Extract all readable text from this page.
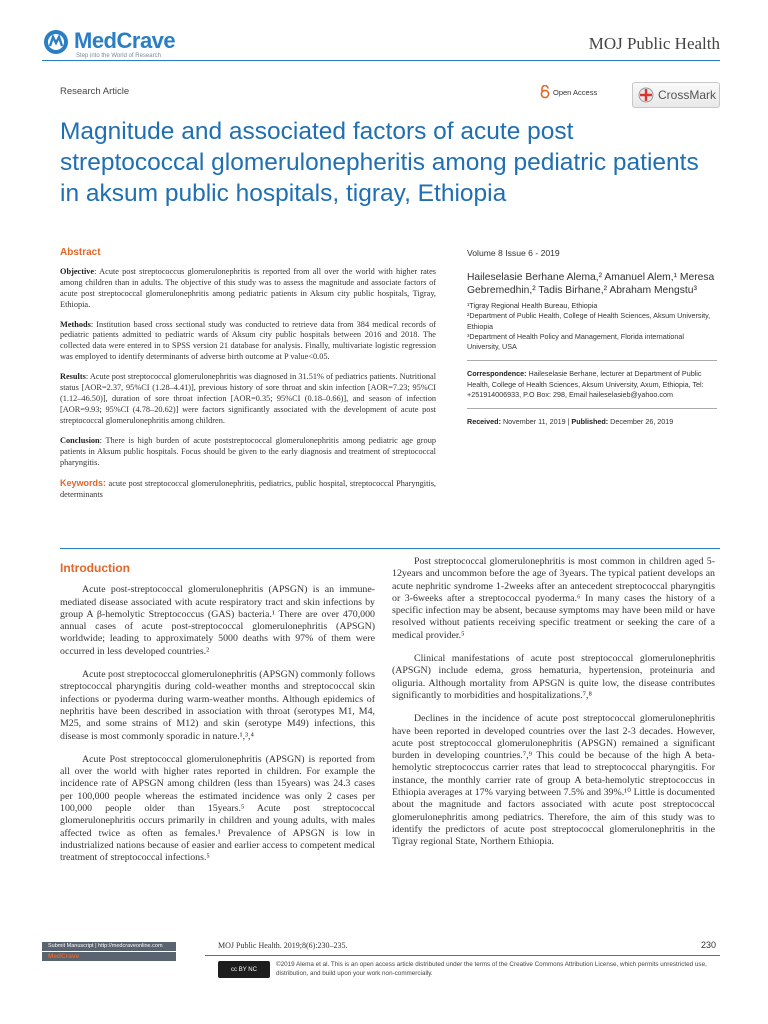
MedCrave
Step into the World of Research
MOJ Public Health
Research Article	Open Access	CrossMark
Magnitude and associated factors of acute post streptococcal glomerulonepheritis among pediatric patients in aksum public hospitals, tigray, Ethiopia
Abstract

Objective: Acute post streptococcus glomerulonephritis is reported from all over the world with higher rates among children than in adults. The objective of this study was to assess the magnitude and associate factors of acute post streptococcal glomerulonephritis among pediatric patients in Aksum city public hospitals, Tigray, Ethiopia.

Methods: Institution based cross sectional study was conducted to retrieve data from 384 medical records of pediatric patients admitted to pediatric wards of Aksum city public hospitals between 2016 and 2018. The collected data were entered in to SPSS version 21 database for analysis. Finally, multivariate logistic regression was employed to identify determinants of adverse birth outcome at P value<0.05.

Results: Acute post streptococcal glomerulonephritis was diagnosed in 31.51% of pediatrics patients. Nutritional status [AOR=2.37, 95%CI (1.28–4.41)], previous history of sore throat and skin infection [AOR=7.23; 95%CI (1.12–46.50)], duration of sore throat infection [AOR=0.35; 95%CI (0.18–0.66)], and season of infection [AOR=9.93; 95%CI (4.78–20.62)] were factors significantly associated with the development of acute post streptococcal glomerulonephritis among children.

Conclusion: There is high burden of acute poststreptococcal glomerulonephritis among pediatric age group patients in Aksum public hospitals. Focus should be given to the early diagnosis and treatment of streptococcal pharyngitis.

Keywords: acute post streptococcal glomerulonephritis, pediatrics, public hospital, streptococcal Pharyngitis, determinants
Volume 8 Issue 6 - 2019
Haileselasie Berhane Alema,² Amanuel Alem,¹ Meresa Gebremedhin,² Tadis Birhane,² Abraham Mengstu³

¹Tigray Regional Health Bureau, Ethiopia

²Department of Public Health, College of Health Sciences, Aksum University, Ethiopia

³Department of Health Policy and Management, Florida international University, USA

Correspondence: Haileselasie Berhane, lecturer at Department of Public Health, College of Health Sciences, Aksum University, Axum, Ethiopia, Tel: +251914006933, P.O Box: 298, Email haileselasieb@yahoo.com
Received: November 11, 2019 | Published: December 26, 2019
Introduction

Acute post-streptococcal glomerulonephritis (APSGN) is an immune-mediated disease associated with acute respiratory tract and skin infections by group A β-hemolytic Streptococcus (GAS) bacteria.¹ There are over 470,000 annual cases of acute post-streptococcal glomerulonephritis (APSGN) worldwide; leading to approximately 5000 deaths with 97% of them were occurred in less developed countries.²

Acute post streptococcal glomerulonephritis (APSGN) commonly follows streptococcal pharyngitis during cold-weather months and streptococcal skin infections or pyoderma during warm-weather months. Although epidemics of nephritis have been described in association with throat (serotypes M1, M4, M25, and some strains of M12) and skin (serotype M49) infections, this disease is most commonly sporadic in nature.¹,³,⁴

Acute Post streptococcal glomerulonephritis (APSGN) is reported from all over the world with higher rates reported in children. For example the incidence rate of APSGN among children (less than 15years) was 24.3 cases per 100,000 people whereas the estimated incidence was only 2 cases per 100,000 people older than 15years.⁵ Acute post streptococcal glomerulonephritis occurs primarily in children and young adults, with males affected twice as often as females.¹ Prevalence of APSGN is low in industrialized nations because of easier and earlier access to competent medical treatment of streptococcal infections.⁵

Post streptococcal glomerulonephritis is most common in children aged 5-12years and uncommon before the age of 3years. The typical patient develops an acute nephritic syndrome 1-2weeks after an antecedent streptococcal pharyngitis or 3-6weeks after a streptococcal pyoderma.⁶ In many cases the history of a specific infection may be absent, because symptoms may have been mild or have resolved without patients receiving specific treatment or seeking the care of a medical provider.⁵

Clinical manifestations of acute post streptococcal glomerulonephritis (APSGN) include edema, gross hematuria, hypertension, proteinuria and oliguria. Although mortality from APSGN is quite low, the disease contributes significantly to morbidities and hospitalizations.⁷,⁸

Declines in the incidence of acute post streptococcal glomerulonephritis have been reported in developed countries over the last 2-3 decades. However, acute post streptococcal glomerulonephritis (APSGN) remained a significant burden in developing countries.⁷,⁹ This could be because of the high A beta-hemolytic streptococcus carrier rates that lead to streptococcal pharyngitis. For instance, the monthly carrier rate of group A beta-hemolytic streptococcus in Ethiopia averages at 17% varying between 7.5% and 39%.¹⁰ Little is documented about the magnitude and factors associated with acute post streptococcal glomerulonephritis among pediatrics. Therefore, the aim of this study was to identify the predictors of acute post streptococcal glomerulonephritis in the Tigray regional State, Northern Ethiopia.

Submit Manuscript | http://medcraveonline.com
MedCrave
MOJ Public Health. 2019;8(6):230–235.	230
cc BY NC
©2019 Alema et al. This is an open access article distributed under the terms of the Creative Commons Attribution License, which permits unrestricted use, distribution, and build upon your work non-commercially.
